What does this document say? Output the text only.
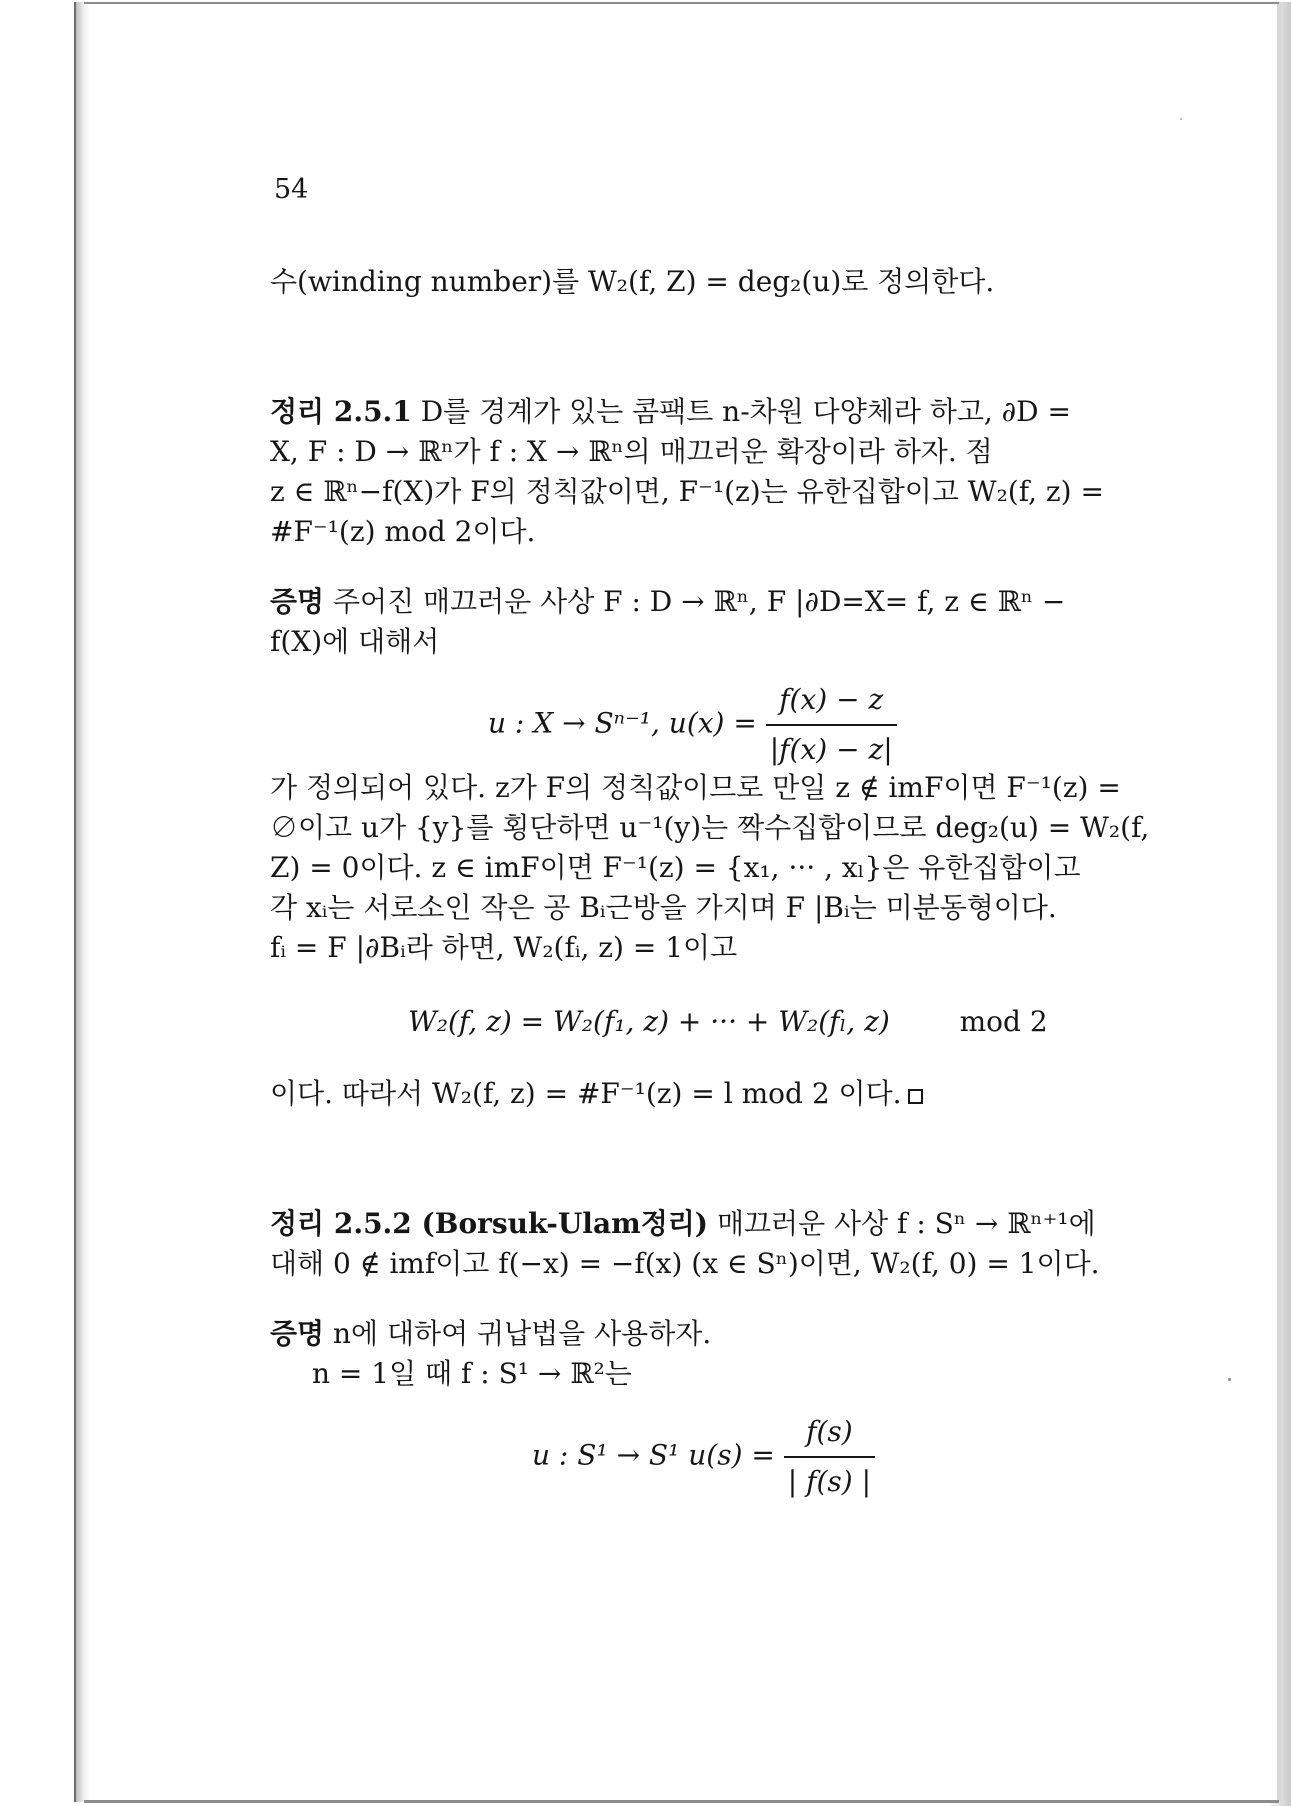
54
수(winding number)를 W₂(f, Z) = deg₂(u)로 정의한다.
정리 2.5.1 D를 경계가 있는 콤팩트 n-차원 다양체라 하고, ∂D =
X, F : D → ℝⁿ가 f : X → ℝⁿ의 매끄러운 확장이라 하자. 점
z ∈ ℝⁿ−f(X)가 F의 정칙값이면, F⁻¹(z)는 유한집합이고 W₂(f, z) =
#F⁻¹(z) mod 2이다.
증명 주어진 매끄러운 사상 F : D → ℝⁿ, F |∂D=X= f, z ∈ ℝⁿ −
f(X)에 대해서
u : X → Sⁿ⁻¹, $u(x) = \frac{f(x) - z}{|f(x) - z|}$
가 정의되어 있다. z가 F의 정칙값이므로 만일 z ∉ imF이면 F⁻¹(z) =
∅이고 u가 {y}를 횡단하면 u⁻¹(y)는 짝수집합이므로 deg₂(u) = W₂(f,
Z) = 0이다. z ∈ imF이면 F⁻¹(z) = {x₁, ··· , xₗ}은 유한집합이고
각 xᵢ는 서로소인 작은 공 Bᵢ근방을 가지며 F |Bᵢ는 미분동형이다.
fᵢ = F |∂Bᵢ라 하면, W₂(fᵢ, z) = 1이고
W₂(f, z) = W₂(f₁, z) + ··· + W₂(fₗ, z) mod 2
이다. 따라서 W₂(f, z) = #F⁻¹(z) = l mod 2 이다.
정리 2.5.2 (Borsuk-Ulam정리) 매끄러운 사상 f : Sⁿ → ℝⁿ⁺¹에
대해 0 ∉ imf이고 f(−x) = −f(x) (x ∈ Sⁿ)이면, W₂(f, 0) = 1이다.
증명 n에 대하여 귀납법을 사용하자.
n = 1일 때 f : S¹ → ℝ²는
u : S¹ → S¹ $u(s) = \frac{f(s)}{| f(s) |}$
